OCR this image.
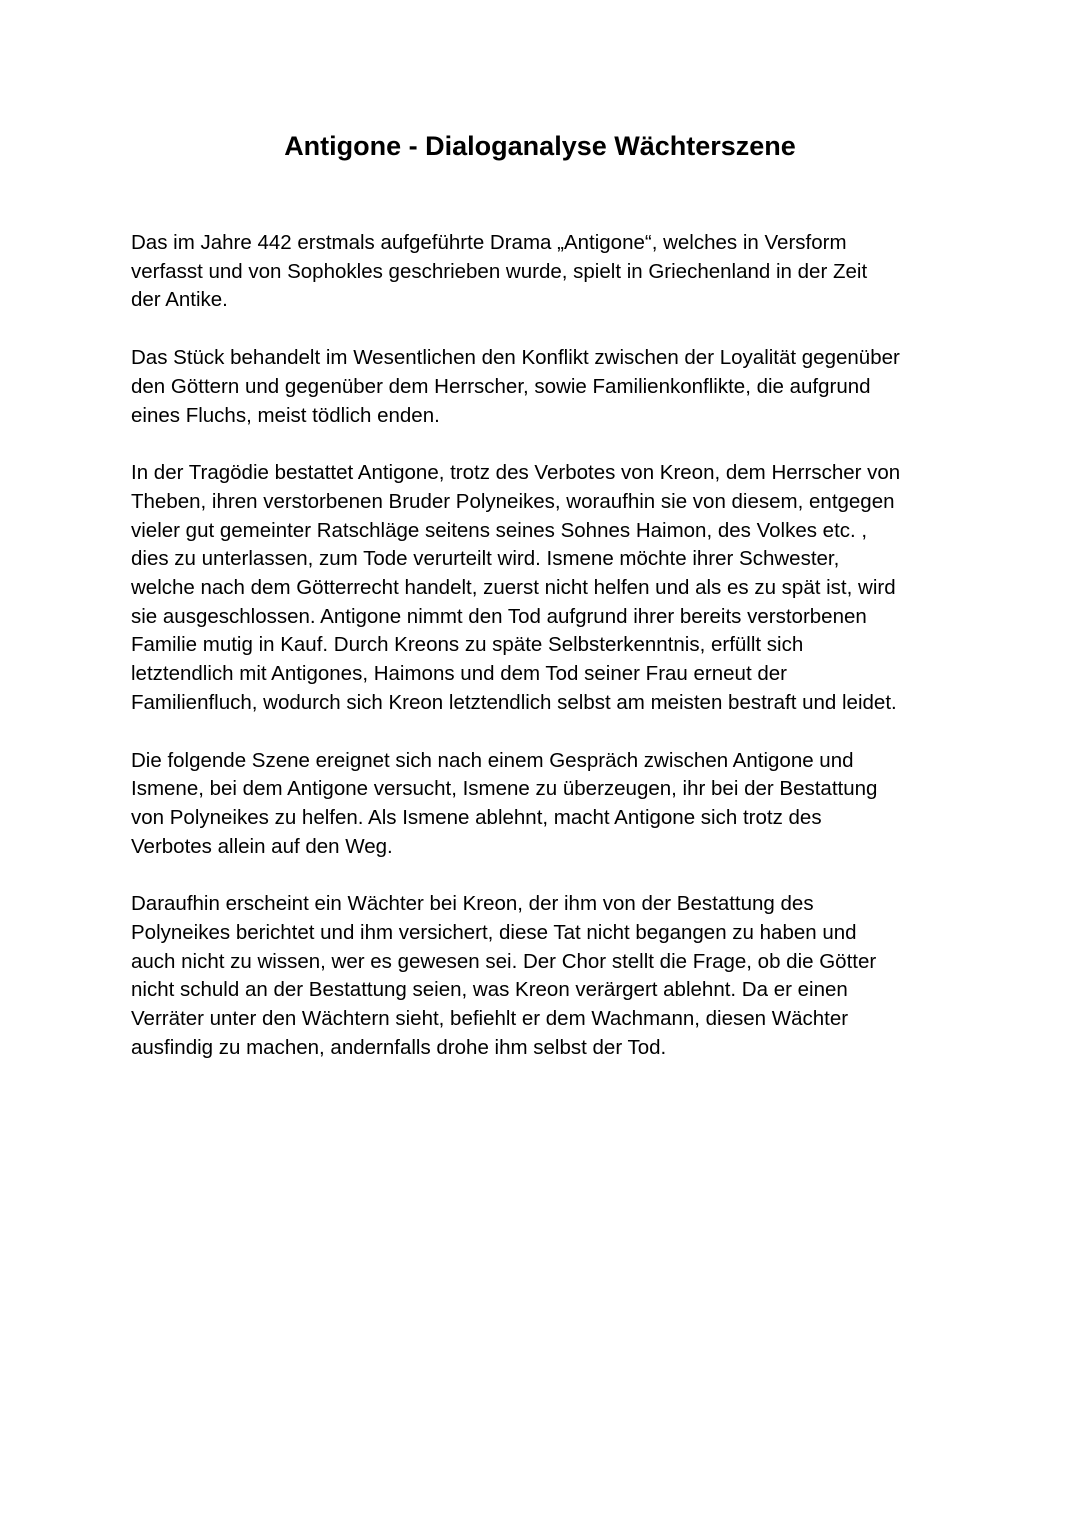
Antigone - Dialoganalyse Wächterszene

Das im Jahre 442 erstmals aufgeführte Drama „Antigone“, welches in Versform
verfasst und von Sophokles geschrieben wurde, spielt in Griechenland in der Zeit
der Antike.

Das Stück behandelt im Wesentlichen den Konflikt zwischen der Loyalität gegenüber
den Göttern und gegenüber dem Herrscher, sowie Familienkonflikte, die aufgrund
eines Fluchs, meist tödlich enden.

In der Tragödie bestattet Antigone, trotz des Verbotes von Kreon, dem Herrscher von
Theben, ihren verstorbenen Bruder Polyneikes, woraufhin sie von diesem, entgegen
vieler gut gemeinter Ratschläge seitens seines Sohnes Haimon, des Volkes etc. ,
dies zu unterlassen, zum Tode verurteilt wird. Ismene möchte ihrer Schwester,
welche nach dem Götterrecht handelt, zuerst nicht helfen und als es zu spät ist, wird
sie ausgeschlossen. Antigone nimmt den Tod aufgrund ihrer bereits verstorbenen
Familie mutig in Kauf. Durch Kreons zu späte Selbsterkenntnis, erfüllt sich
letztendlich mit Antigones, Haimons und dem Tod seiner Frau erneut der
Familienfluch, wodurch sich Kreon letztendlich selbst am meisten bestraft und leidet.

Die folgende Szene ereignet sich nach einem Gespräch zwischen Antigone und
Ismene, bei dem Antigone versucht, Ismene zu überzeugen, ihr bei der Bestattung
von Polyneikes zu helfen. Als Ismene ablehnt, macht Antigone sich trotz des
Verbotes allein auf den Weg.

Daraufhin erscheint ein Wächter bei Kreon, der ihm von der Bestattung des
Polyneikes berichtet und ihm versichert, diese Tat nicht begangen zu haben und
auch nicht zu wissen, wer es gewesen sei. Der Chor stellt die Frage, ob die Götter
nicht schuld an der Bestattung seien, was Kreon verärgert ablehnt. Da er einen
Verräter unter den Wächtern sieht, befiehlt er dem Wachmann, diesen Wächter
ausfindig zu machen, andernfalls drohe ihm selbst der Tod.
